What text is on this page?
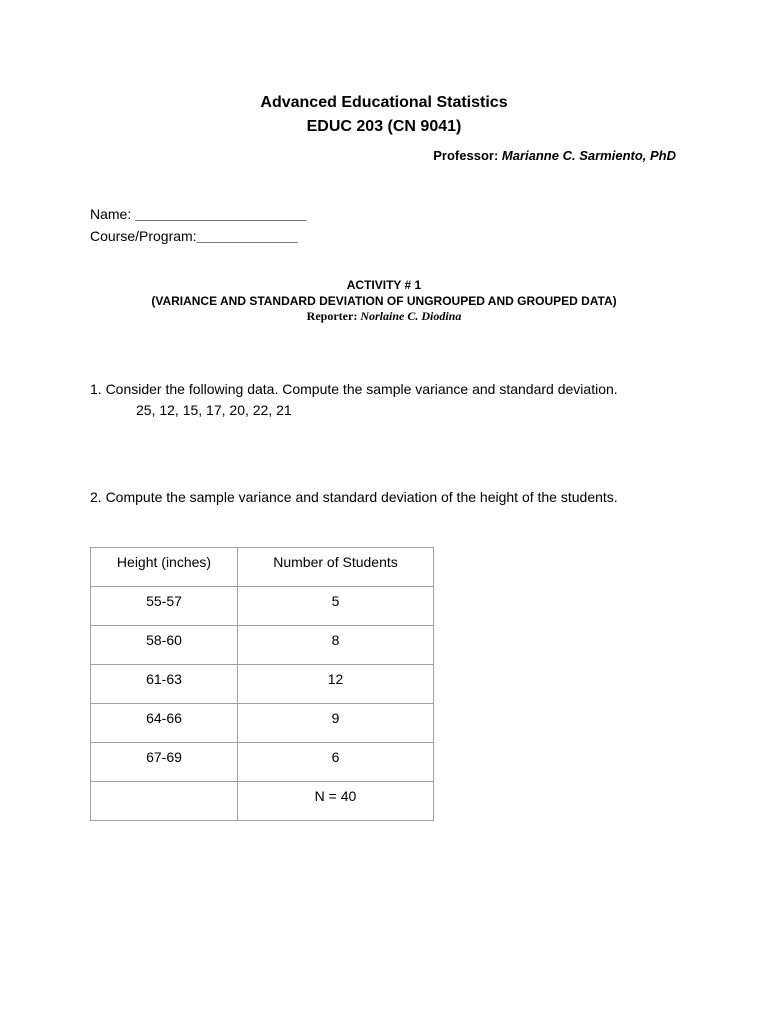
Advanced Educational Statistics
EDUC 203 (CN 9041)
Professor: Marianne C. Sarmiento, PhD
Name: ______________________
Course/Program:_____________
ACTIVITY # 1
(VARIANCE AND STANDARD DEVIATION OF UNGROUPED AND GROUPED DATA)
Reporter: Norlaine C. Diodina
1. Consider the following data. Compute the sample variance and standard deviation.
25, 12, 15, 17, 20, 22, 21
2. Compute the sample variance and standard deviation of the height of the students.
Height (inches)	Number of Students
55-57	5
58-60	8
61-63	12
64-66	9
67-69	6
	N = 40
